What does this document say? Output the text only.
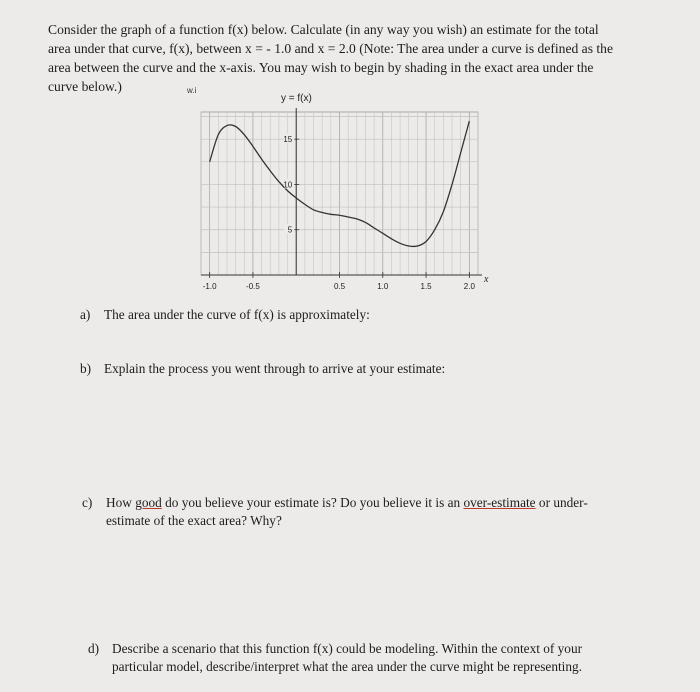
Consider the graph of a function f(x) below. Calculate (in any way you wish) an estimate for the total
area under that curve, f(x), between x = - 1.0 and x = 2.0 (Note: The area under a curve is defined as the
area between the curve and the x-axis. You may wish to begin by shading in the exact area under the
curve below.)
-1.0	-0.5	0.5	1.0	1.5	2.0
5
10
15
w.i
y = f(x)
x
a) The area under the curve of f(x) is approximately:
b) Explain the process you went through to arrive at your estimate:
c) How good do you believe your estimate is? Do you believe it is an over-estimate or under-
estimate of the exact area? Why?
d) Describe a scenario that this function f(x) could be modeling. Within the context of your
particular model, describe/interpret what the area under the curve might be representing.
